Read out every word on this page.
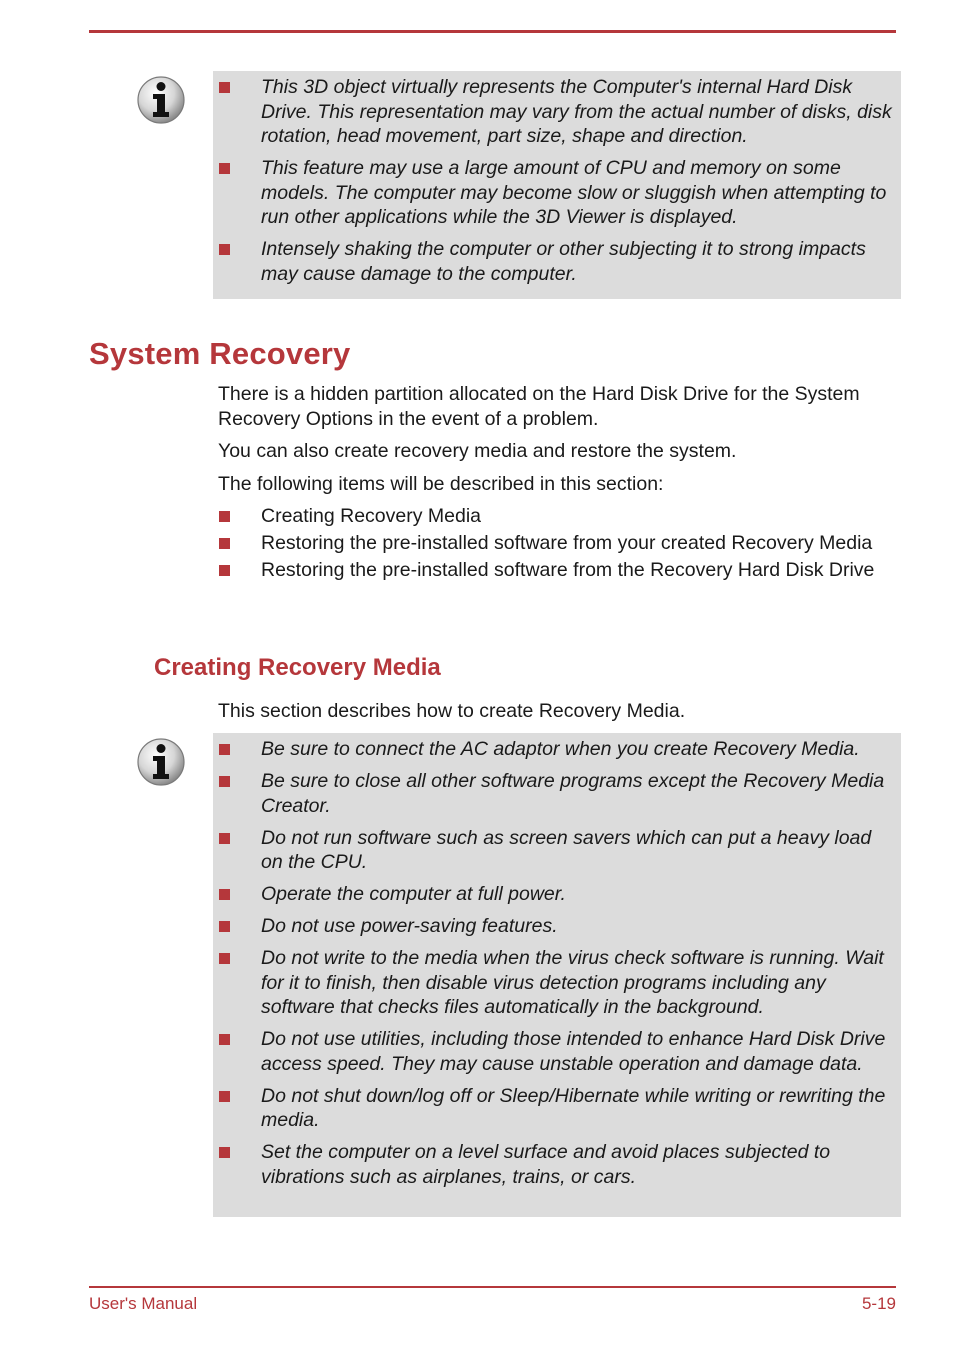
This 3D object virtually represents the Computer's internal Hard Disk Drive. This representation may vary from the actual number of disks, disk rotation, head movement, part size, shape and direction.
This feature may use a large amount of CPU and memory on some models. The computer may become slow or sluggish when attempting to run other applications while the 3D Viewer is displayed.
Intensely shaking the computer or other subjecting it to strong impacts may cause damage to the computer.
System Recovery

There is a hidden partition allocated on the Hard Disk Drive for the System Recovery Options in the event of a problem.

You can also create recovery media and restore the system.

The following items will be described in this section:

Creating Recovery Media
Restoring the pre-installed software from your created Recovery Media
Restoring the pre-installed software from the Recovery Hard Disk Drive
Creating Recovery Media

This section describes how to create Recovery Media.

Be sure to connect the AC adaptor when you create Recovery Media.
Be sure to close all other software programs except the Recovery Media Creator.
Do not run software such as screen savers which can put a heavy load on the CPU.
Operate the computer at full power.
Do not use power-saving features.
Do not write to the media when the virus check software is running. Wait for it to finish, then disable virus detection programs including any software that checks files automatically in the background.
Do not use utilities, including those intended to enhance Hard Disk Drive access speed. They may cause unstable operation and damage data.
Do not shut down/log off or Sleep/Hibernate while writing or rewriting the media.
Set the computer on a level surface and avoid places subjected to vibrations such as airplanes, trains, or cars.
User's Manual	5-19
